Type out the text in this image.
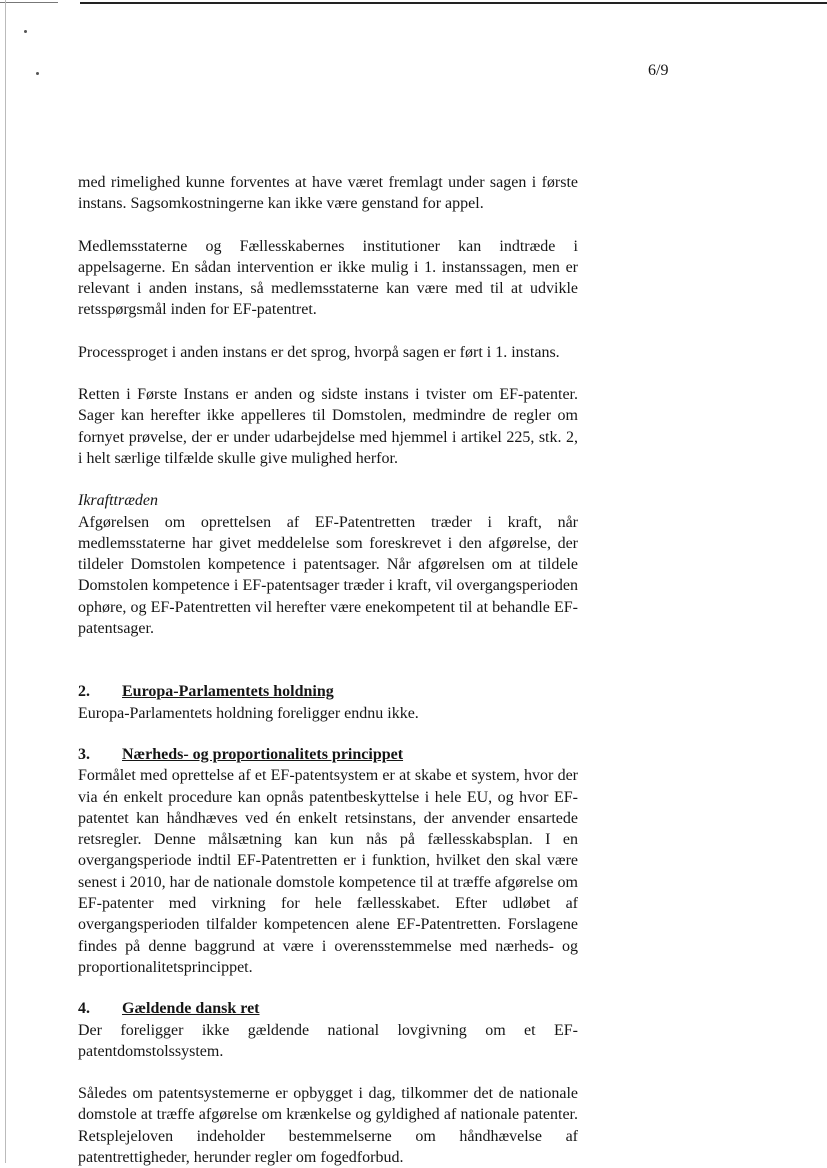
6/9

med rimelighed kunne forventes at have været fremlagt under sagen i første instans. Sagsomkostningerne kan ikke være genstand for appel.

Medlemsstaterne og Fællesskabernes institutioner kan indtræde i appelsagerne. En sådan intervention er ikke mulig i 1. instanssagen, men er relevant i anden instans, så medlemsstaterne kan være med til at udvikle retsspørgsmål inden for EF-patentret.

Processproget i anden instans er det sprog, hvorpå sagen er ført i 1. instans.

Retten i Første Instans er anden og sidste instans i tvister om EF-patenter. Sager kan herefter ikke appelleres til Domstolen, medmindre de regler om fornyet prøvelse, der er under udarbejdelse med hjemmel i artikel 225, stk. 2, i helt særlige tilfælde skulle give mulighed herfor.

Ikrafttræden

Afgørelsen om oprettelsen af EF-Patentretten træder i kraft, når medlemsstaterne har givet meddelelse som foreskrevet i den afgørelse, der tildeler Domstolen kompetence i patentsager. Når afgørelsen om at tildele Domstolen kompetence i EF-patentsager træder i kraft, vil overgangsperioden ophøre, og EF-Patentretten vil herefter være enekompetent til at behandle EF-patentsager.

2.	Europa-Parlamentets holdning

Europa-Parlamentets holdning foreligger endnu ikke.

3.	Nærheds- og proportionalitets princippet

Formålet med oprettelse af et EF-patentsystem er at skabe et system, hvor der via én enkelt procedure kan opnås patentbeskyttelse i hele EU, og hvor EF-patentet kan håndhæves ved én enkelt retsinstans, der anvender ensartede retsregler. Denne målsætning kan kun nås på fællesskabsplan. I en overgangsperiode indtil EF-Patentretten er i funktion, hvilket den skal være senest i 2010, har de nationale domstole kompetence til at træffe afgørelse om EF-patenter med virkning for hele fællesskabet. Efter udløbet af overgangsperioden tilfalder kompetencen alene EF-Patentretten. Forslagene findes på denne baggrund at være i overensstemmelse med nærheds- og proportionalitetsprincippet.

4.	Gældende dansk ret

Der foreligger ikke gældende national lovgivning om et EF-patentdomstolssystem.

Således om patentsystemerne er opbygget i dag, tilkommer det de nationale domstole at træffe afgørelse om krænkelse og gyldighed af nationale patenter. Retsplejeloven indeholder bestemmelserne om håndhævelse af patentrettigheder, herunder regler om fogedforbud.
